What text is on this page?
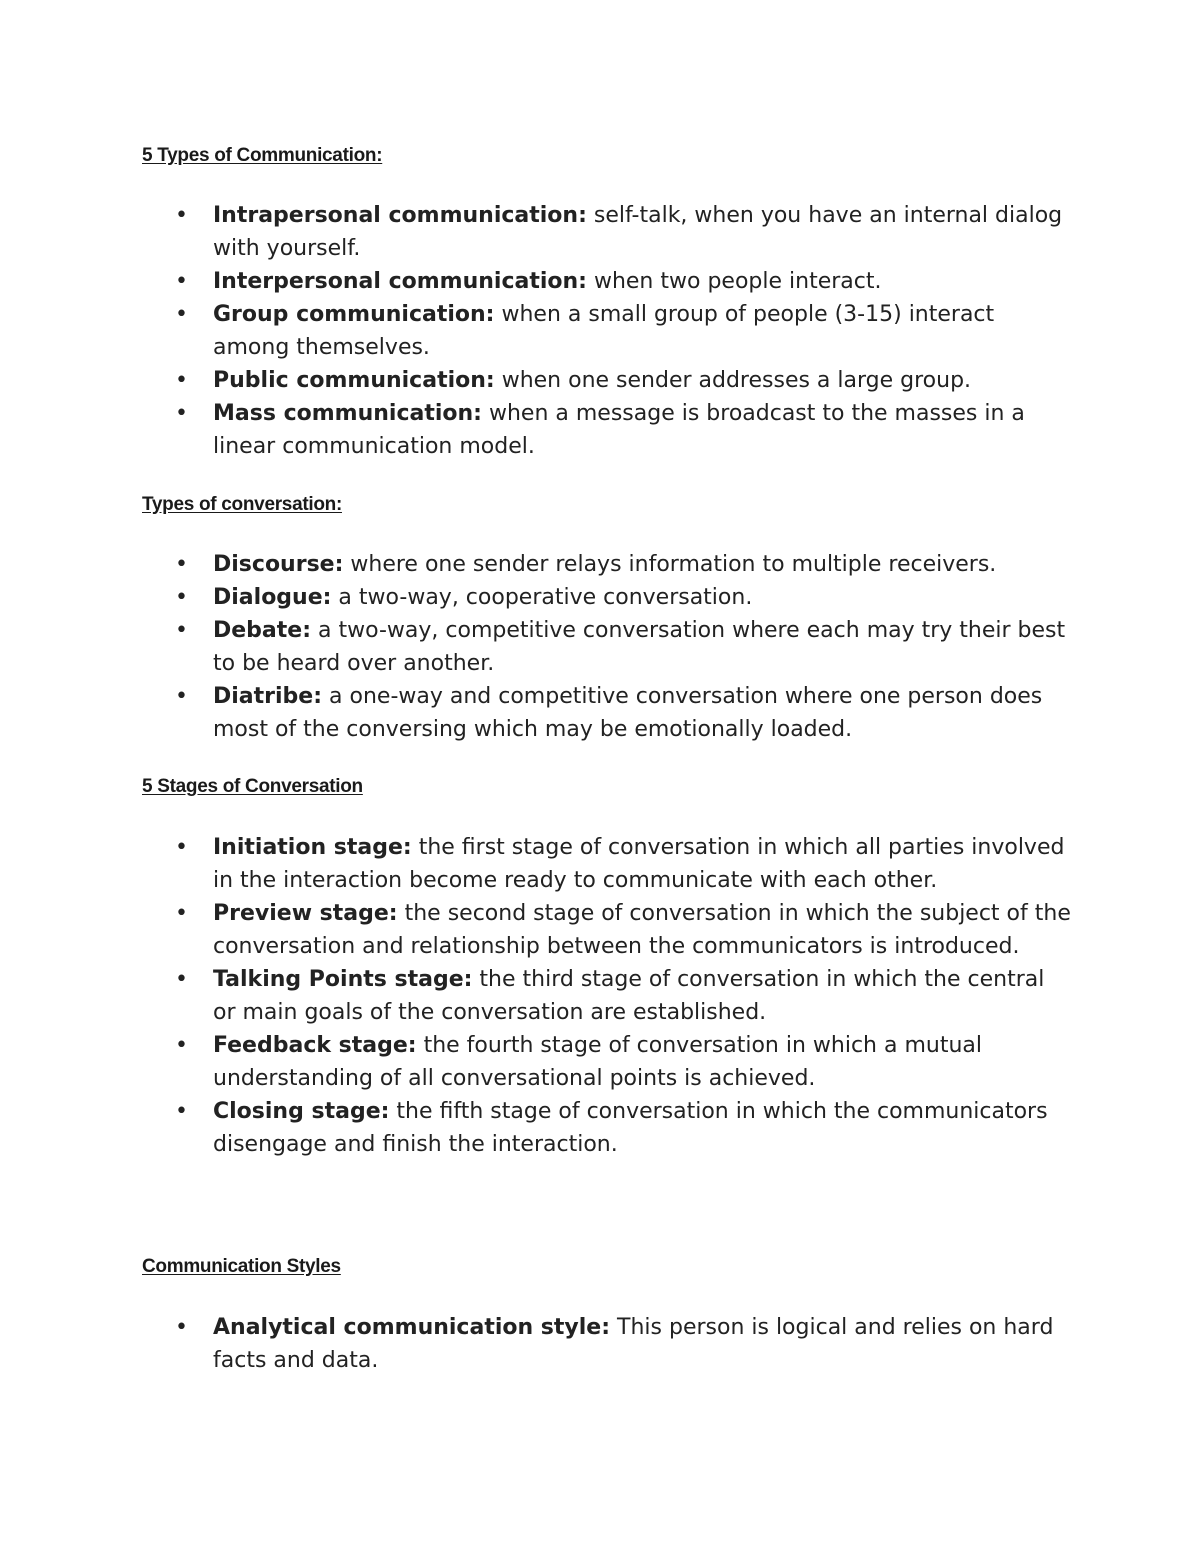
5 Types of Communication:
• Intrapersonal communication: self-talk, when you have an internal dialog with yourself.
• Interpersonal communication: when two people interact.
• Group communication: when a small group of people (3-15) interact among themselves.
• Public communication: when one sender addresses a large group.
• Mass communication: when a message is broadcast to the masses in a linear communication model.
Types of conversation:
• Discourse: where one sender relays information to multiple receivers.
• Dialogue: a two-way, cooperative conversation.
• Debate: a two-way, competitive conversation where each may try their best to be heard over another.
• Diatribe: a one-way and competitive conversation where one person does most of the conversing which may be emotionally loaded.
5 Stages of Conversation
• Initiation stage: the first stage of conversation in which all parties involved in the interaction become ready to communicate with each other.
• Preview stage: the second stage of conversation in which the subject of the conversation and relationship between the communicators is introduced.
• Talking Points stage: the third stage of conversation in which the central or main goals of the conversation are established.
• Feedback stage: the fourth stage of conversation in which a mutual understanding of all conversational points is achieved.
• Closing stage: the fifth stage of conversation in which the communicators disengage and finish the interaction.
Communication Styles
• Analytical communication style: This person is logical and relies on hard facts and data.
